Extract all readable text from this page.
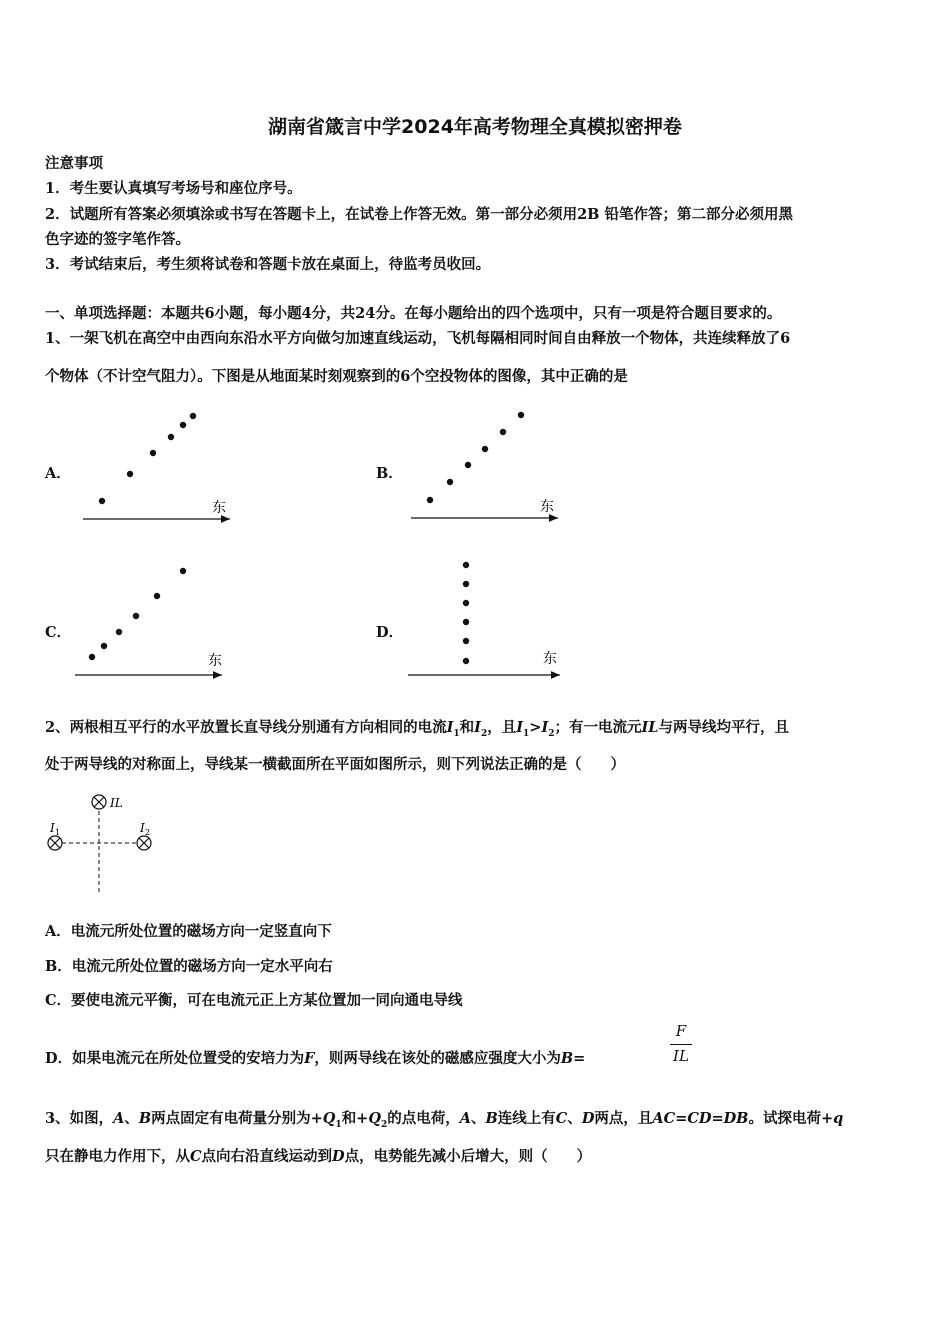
湖南省箴言中学2024年高考物理全真模拟密押卷
注意事项
1．考生要认真填写考场号和座位序号。
2．试题所有答案必须填涂或书写在答题卡上，在试卷上作答无效。第一部分必须用2B 铅笔作答；第二部分必须用黑
色字迹的签字笔作答。
3．考试结束后，考生须将试卷和答题卡放在桌面上，待监考员收回。
一、单项选择题：本题共6小题，每小题4分，共24分。在每小题给出的四个选项中，只有一项是符合题目要求的。
1、一架飞机在高空中由西向东沿水平方向做匀加速直线运动，飞机每隔相同时间自由释放一个物体，共连续释放了6
个物体（不计空气阻力）。下图是从地面某时刻观察到的6个空投物体的图像，其中正确的是
A．	B．
C．	D．
东	东
东	东
2、两根相互平行的水平放置长直导线分别通有方向相同的电流$I_1$和$I_2$，且$I_1>I_2$；有一电流元IL与两导线均平行，且
处于两导线的对称面上，导线某一横截面所在平面如图所示，则下列说法正确的是（　　）
IL
I 1	I 2
A．电流元所处位置的磁场方向一定竖直向下
B．电流元所处位置的磁场方向一定水平向右
C．要使电流元平衡，可在电流元正上方某位置加一同向通电导线
D．如果电流元在所处位置受的安培力为F，则两导线在该处的磁感应强度大小为B=
F
IL
3、如图，A、B两点固定有电荷量分别为$+Q_1$和$+Q_2$的点电荷，A、B连线上有C、D两点，且AC=CD=DB。试探电荷+q
只在静电力作用下，从C点向右沿直线运动到D点，电势能先减小后增大，则（　　）
